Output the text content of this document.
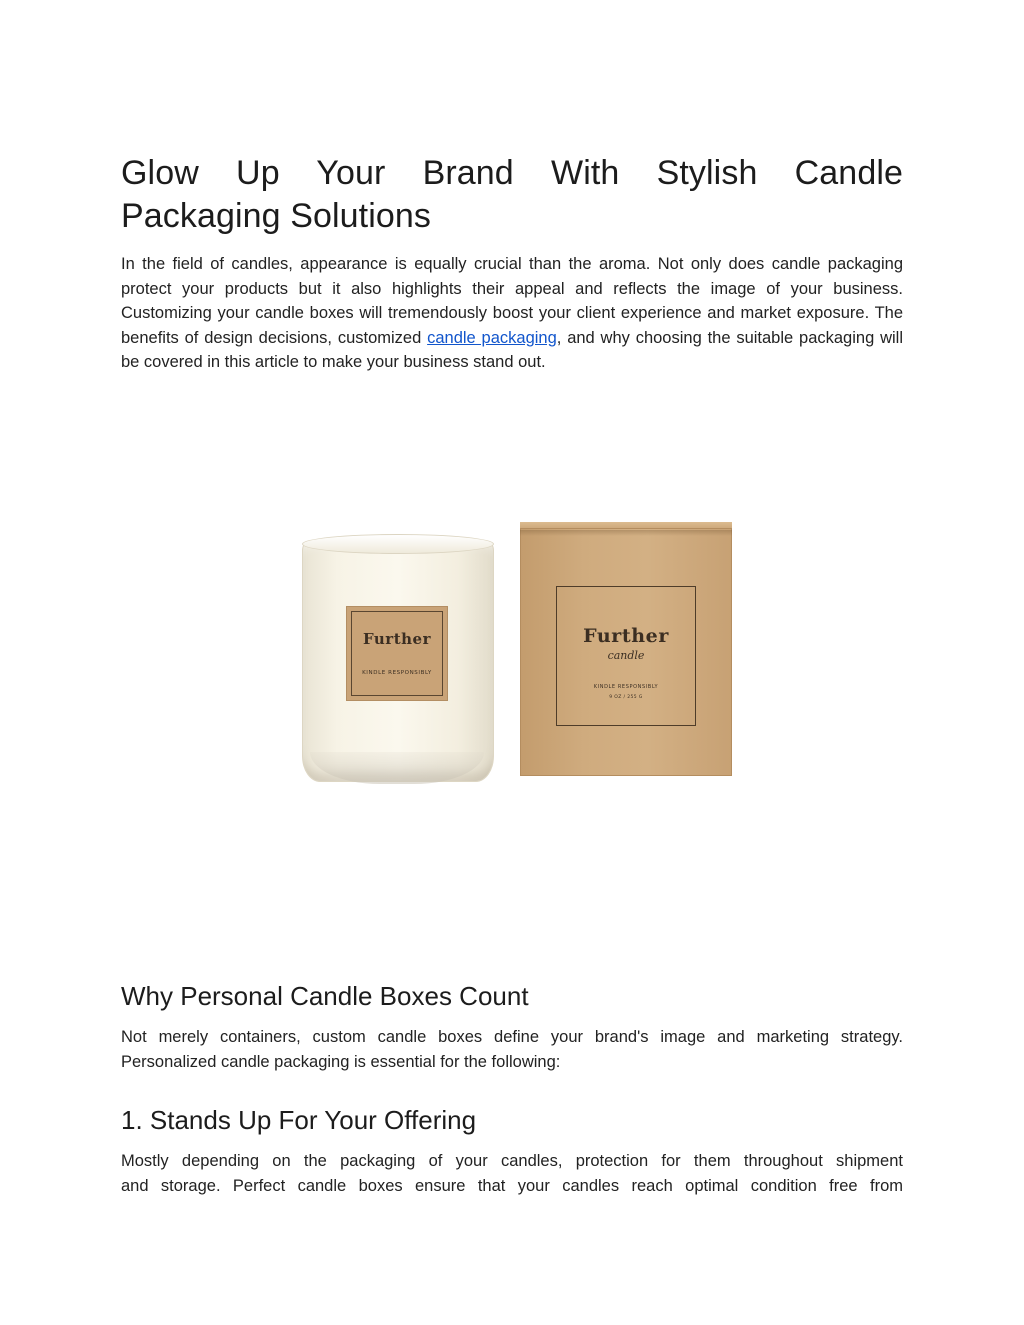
Glow Up Your Brand With Stylish Candle Packaging Solutions

In the field of candles, appearance is equally crucial than the aroma. Not only does candle packaging protect your products but it also highlights their appeal and reflects the image of your business. Customizing your candle boxes will tremendously boost your client experience and market exposure. The benefits of design decisions, customized candle packaging, and why choosing the suitable packaging will be covered in this article to make your business stand out.

Further
KINDLE RESPONSIBLY
Further
candle
KINDLE RESPONSIBLY
9 OZ / 255 G
Why Personal Candle Boxes Count

Not merely containers, custom candle boxes define your brand's image and marketing strategy. Personalized candle packaging is essential for the following:

1. Stands Up For Your Offering

Mostly depending on the packaging of your candles, protection for them throughout shipment

and storage. Perfect candle boxes ensure that your candles reach optimal condition free from
